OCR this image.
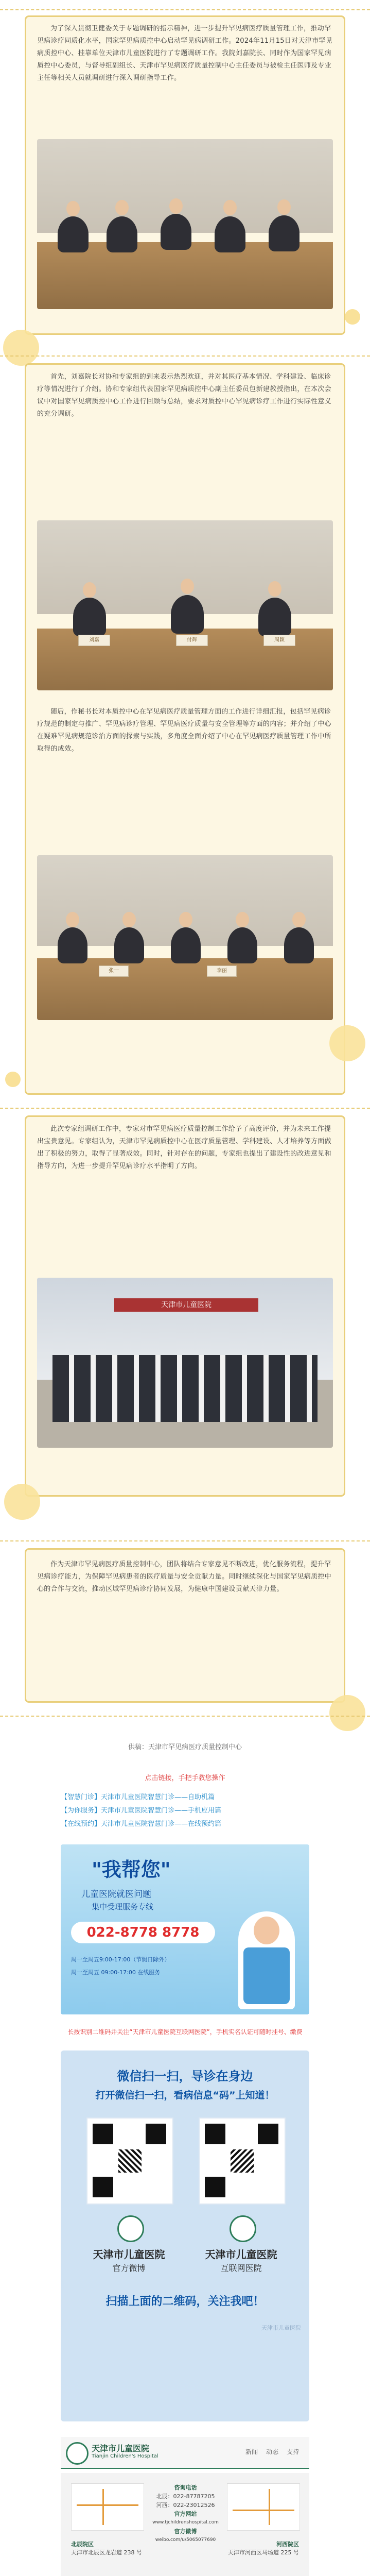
为了深入贯彻卫健委关于专题调研的指示精神，进一步提升罕见病医疗质量管理工作，推动罕见病诊疗同质化水平，国家罕见病质控中心启动罕见病调研工作。2024年11月15日对天津市罕见病质控中心、挂靠单位天津市儿童医院进行了专题调研工作。我院刘嘉院长、同时作为国家罕见病质控中心委员，与督导组副组长、天津市罕见病医疗质量控制中心主任委员与被检主任医师及专业主任等相关人员就调研进行深入调研指导工作。

首先，刘嘉院长对协和专家组的到来表示热烈欢迎，并对其医疗基本情况、学科建设、临床诊疗等情况进行了介绍。协和专家组代表国家罕见病质控中心副主任委员包新建教授指出，在本次会议中对国家罕见病质控中心工作进行回顾与总结，要求对质控中心罕见病诊疗工作进行实际性意义的充分调研。

刘嘉	付辉	周颖

随后，作秘书长对本质控中心在罕见病医疗质量管理方面的工作进行详细汇报，包括罕见病诊疗规范的制定与推广、罕见病诊疗管理、罕见病医疗质量与安全管理等方面的内容；并介绍了中心在疑难罕见病规范诊治方面的探索与实践，多角度全面介绍了中心在罕见病医疗质量管理工作中所取得的成效。

张一	李丽

此次专家组调研工作中，专家对市罕见病医疗质量控制工作给予了高度评价，并为未来工作提出宝贵意见。专家组认为，天津市罕见病质控中心在医疗质量管理、学科建设、人才培养等方面做出了积极的努力，取得了显著成效。同时，针对存在的问题，专家组也提出了建设性的改进意见和指导方向，为进一步提升罕见病诊疗水平指明了方向。

天津市儿童医院

作为天津市罕见病医疗质量控制中心，团队将结合专家意见不断改进，优化服务流程，提升罕见病诊疗能力，为保障罕见病患者的医疗质量与安全贡献力量。同时继续深化与国家罕见病质控中心的合作与交流，推动区域罕见病诊疗协同发展，为健康中国建设贡献天津力量。

供稿：天津市罕见病医疗质量控制中心
点击链接，手把手教您操作
【智慧门诊】天津市儿童医院智慧门诊——自助机篇
【为你服务】天津市儿童医院智慧门诊——手机应用篇
【在线预约】天津市儿童医院智慧门诊——在线预约篇
"我帮您"
儿童医院就医问题
集中受理服务专线
022-8778 8778
周一至周五9:00-17:00（节假日除外）
周一至周五 09:00-17:00 在线服务
长按识别二维码并关注“天津市儿童医院互联网医院”，手机实名认证可随时挂号、缴费
微信扫一扫，导诊在身边
打开微信扫一扫，看病信息“码”上知道！
天津市儿童医院
官方微博
天津市儿童医院
互联网医院
扫描上面的二维码，关注我吧！
天津市儿童医院
天津市儿童医院
Tianjin Children's Hospital
新闻 动态 支持
咨询电话
北辰：022-87787205
河西：022-23012526
官方网站
www.tjchildrenshospital.com
官方微博
weibo.com/u/5065077690
北辰院区
天津市北辰区龙岩道 238 号
河西院区
天津市河西区马场道 225 号
